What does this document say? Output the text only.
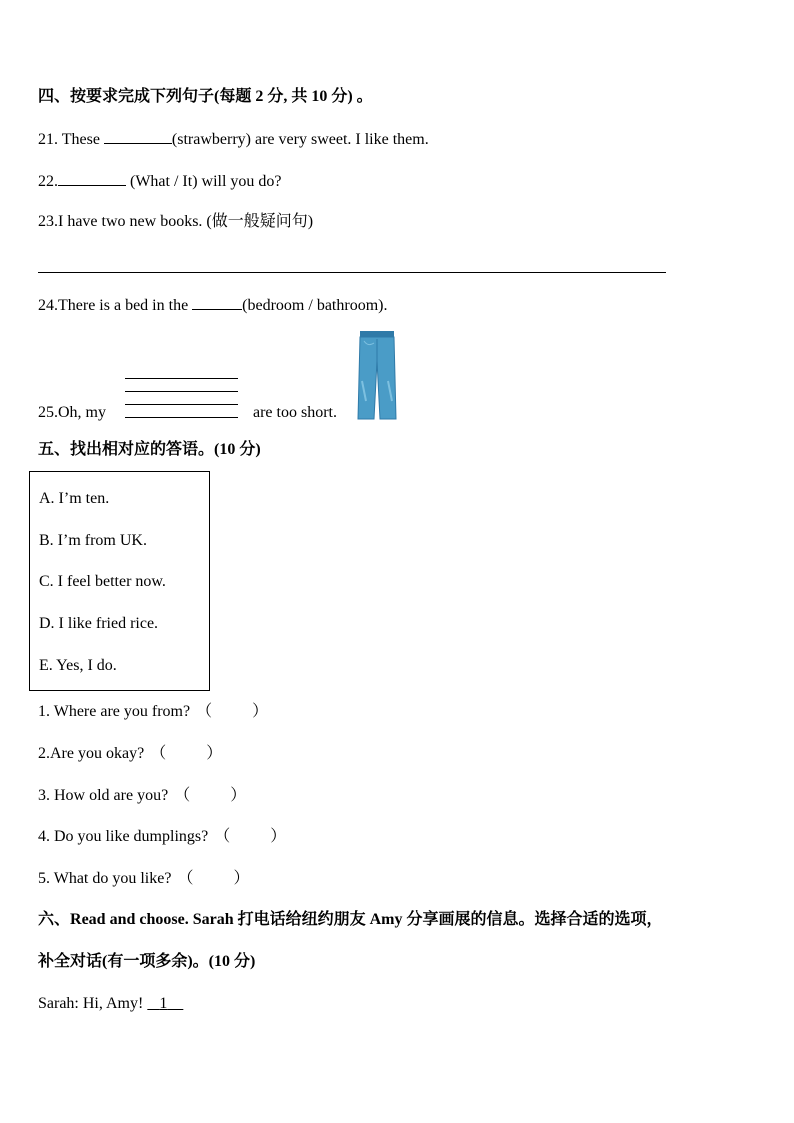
四、按要求完成下列句子(每题 2 分, 共 10 分) 。
21. These	(strawberry) are very sweet. I like them.
22.	(What / It) will you do?
23.I have two new books. (做一般疑问句)
24.There is a bed in the	(bedroom / bathroom).
25.Oh, my	are too short.
五、找出相对应的答语。(10 分)
A. I’m ten.
B. I’m from UK.
C. I feel better now.
D. I like fried rice.
E. Yes, I do.
1. Where are you from? （          ）
2.Are you okay? （          ）
3. How old are you? （          ）
4. Do you like dumplings? （          ）
5. What do you like? （          ）
六、Read and choose. Sarah 打电话给纽约朋友 Amy 分享画展的信息。选择合适的选项，
补全对话(有一项多余)。(10 分)
Sarah: Hi, Amy!    1
